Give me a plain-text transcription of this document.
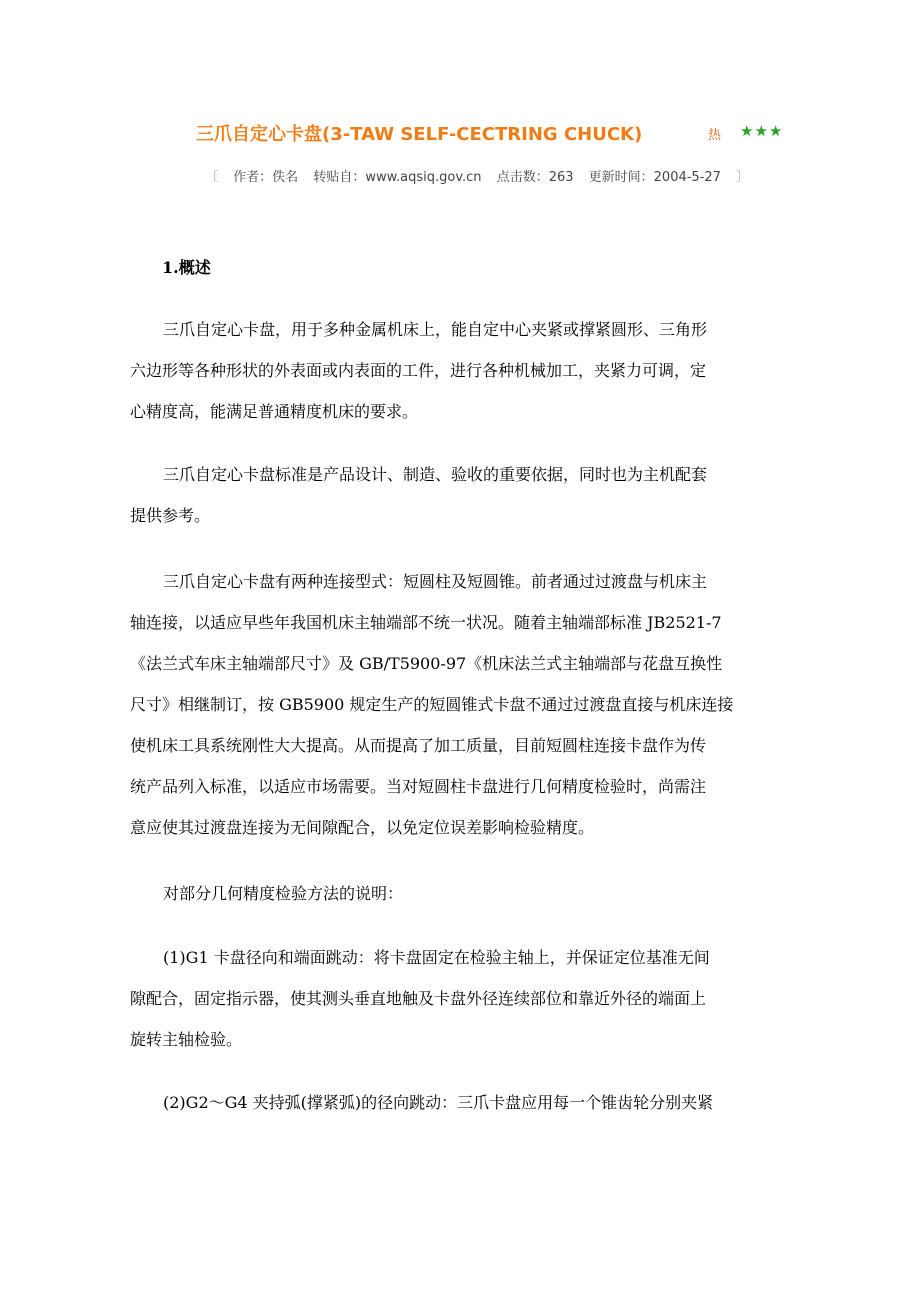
三爪自定心卡盘(3-TAW SELF-CECTRING CHUCK)	热 ★★★
〔 作者：佚名 转贴自：www.aqsiq.gov.cn 点击数：263 更新时间：2004-5-27 〕
1.概述
三爪自定心卡盘，用于多种金属机床上，能自定中心夹紧或撑紧圆形、三角形
六边形等各种形状的外表面或内表面的工件，进行各种机械加工，夹紧力可调，定
心精度高，能满足普通精度机床的要求。
三爪自定心卡盘标准是产品设计、制造、验收的重要依据，同时也为主机配套
提供参考。
三爪自定心卡盘有两种连接型式：短圆柱及短圆锥。前者通过过渡盘与机床主
轴连接，以适应早些年我国机床主轴端部不统一状况。随着主轴端部标准 JB2521-7
《法兰式车床主轴端部尺寸》及 GB/T5900-97《机床法兰式主轴端部与花盘互换性
尺寸》相继制订，按 GB5900 规定生产的短圆锥式卡盘不通过过渡盘直接与机床连接
使机床工具系统刚性大大提高。从而提高了加工质量，目前短圆柱连接卡盘作为传
统产品列入标准，以适应市场需要。当对短圆柱卡盘进行几何精度检验时，尚需注
意应使其过渡盘连接为无间隙配合，以免定位误差影响检验精度。
对部分几何精度检验方法的说明：
(1)G1 卡盘径向和端面跳动：将卡盘固定在检验主轴上，并保证定位基准无间
隙配合，固定指示器，使其测头垂直地触及卡盘外径连续部位和靠近外径的端面上
旋转主轴检验。
(2)G2～G4 夹持弧(撑紧弧)的径向跳动：三爪卡盘应用每一个锥齿轮分别夹紧
